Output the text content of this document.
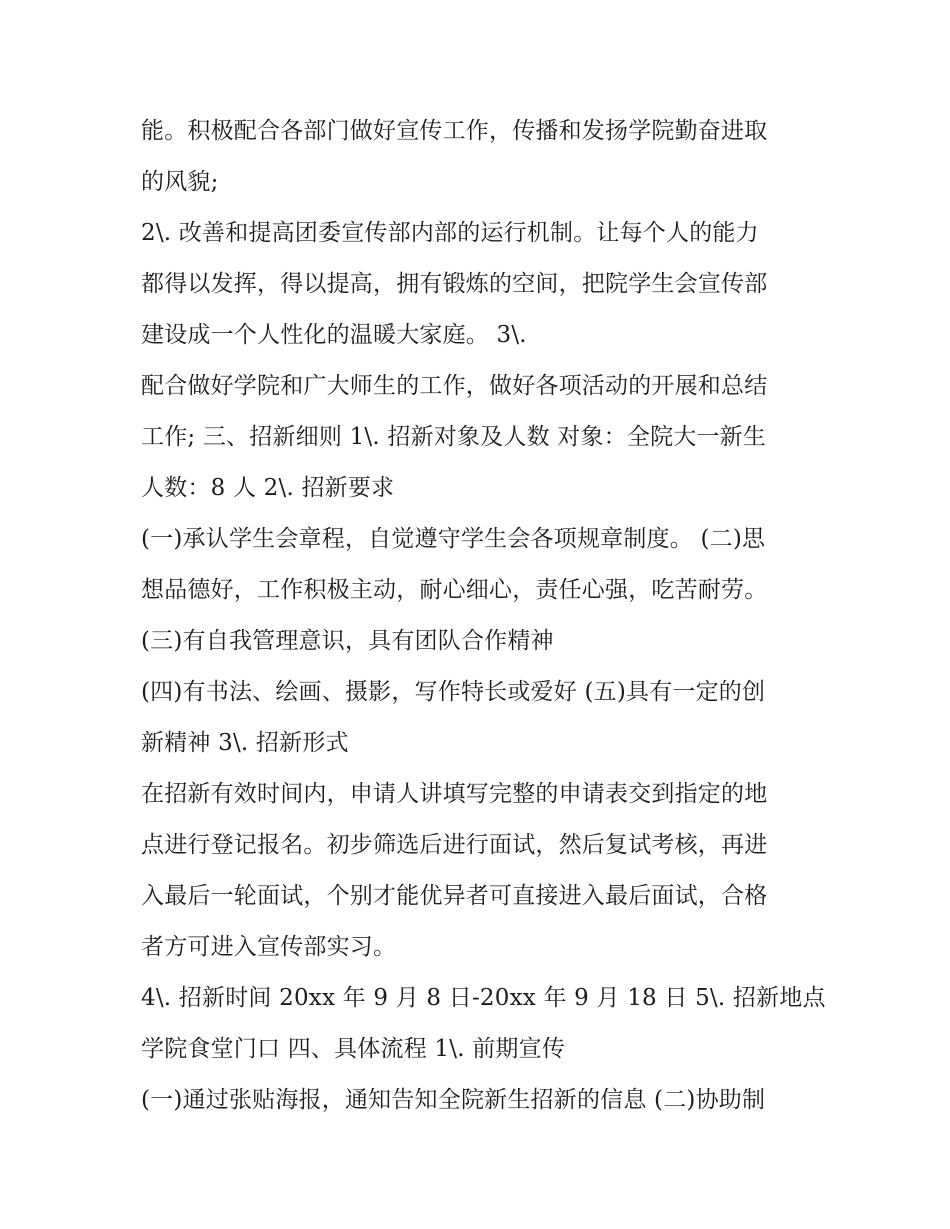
能。积极配合各部门做好宣传工作，传播和发扬学院勤奋进取
的风貌;
2\. 改善和提高团委宣传部内部的运行机制。让每个人的能力
都得以发挥，得以提高，拥有锻炼的空间，把院学生会宣传部
建设成一个人性化的温暖大家庭。 3\.
配合做好学院和广大师生的工作，做好各项活动的开展和总结
工作; 三、招新细则 1\. 招新对象及人数 对象：全院大一新生
人数：8 人 2\. 招新要求
(一)承认学生会章程，自觉遵守学生会各项规章制度。 (二)思
想品德好，工作积极主动，耐心细心，责任心强，吃苦耐劳。
(三)有自我管理意识，具有团队合作精神
(四)有书法、绘画、摄影，写作特长或爱好 (五)具有一定的创
新精神 3\. 招新形式
在招新有效时间内，申请人讲填写完整的申请表交到指定的地
点进行登记报名。初步筛选后进行面试，然后复试考核，再进
入最后一轮面试，个别才能优异者可直接进入最后面试，合格
者方可进入宣传部实习。
4\. 招新时间 20xx 年 9 月 8 日-20xx 年 9 月 18 日 5\. 招新地点
学院食堂门口 四、具体流程 1\. 前期宣传
(一)通过张贴海报，通知告知全院新生招新的信息 (二)协助制
